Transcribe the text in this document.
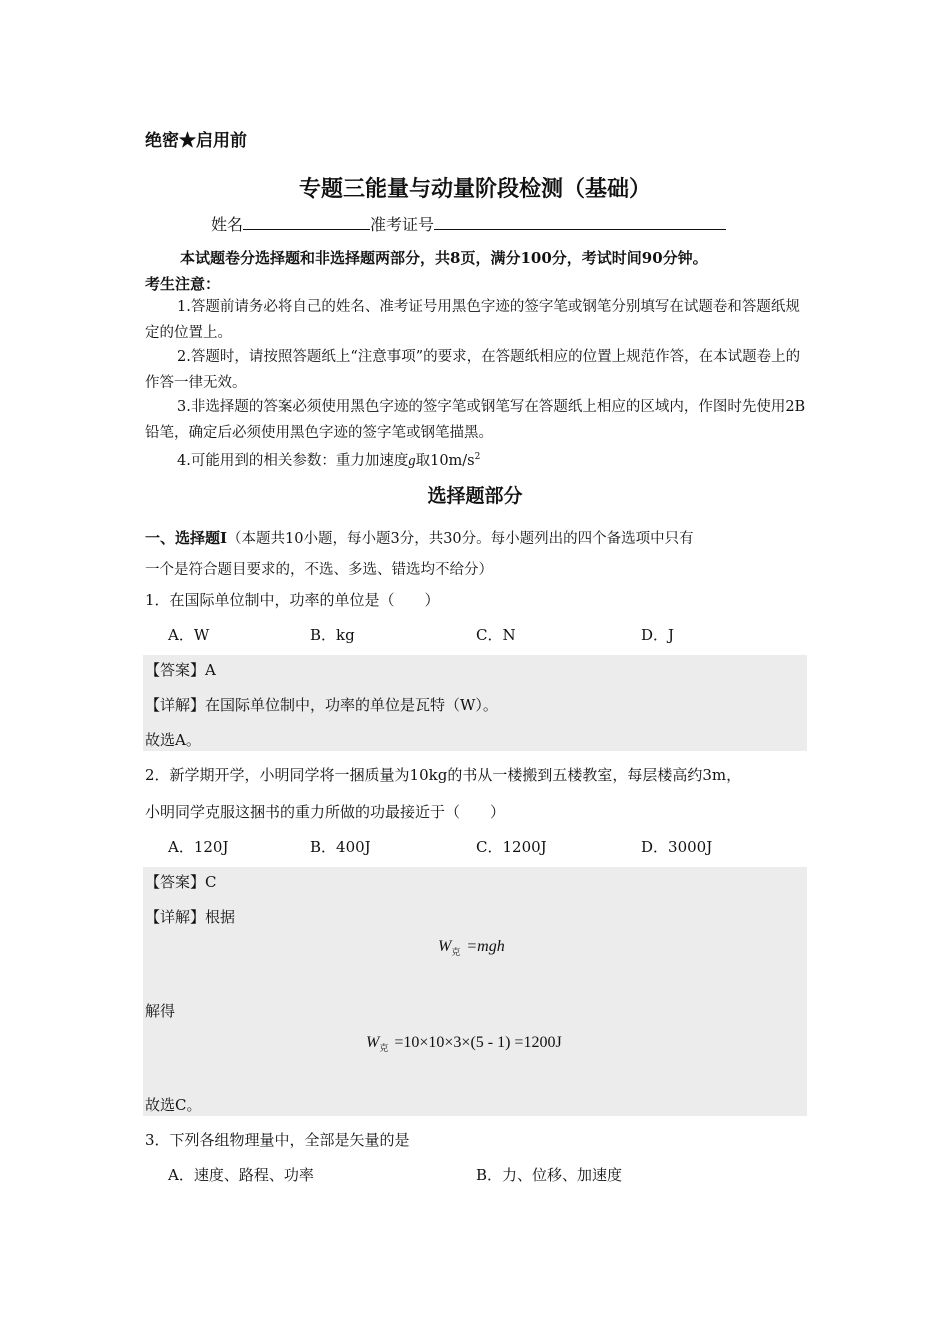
绝密★启用前
专题三能量与动量阶段检测（基础）
姓名	准考证号
本试题卷分选择题和非选择题两部分，共8页，满分100分，考试时间90分钟。
考生注意：
1.答题前请务必将自己的姓名、准考证号用黑色字迹的签字笔或钢笔分别填写在试题卷和答题纸规定的位置上。
2.答题时，请按照答题纸上“注意事项”的要求，在答题纸相应的位置上规范作答，在本试题卷上的作答一律无效。
3.非选择题的答案必须使用黑色字迹的签字笔或钢笔写在答题纸上相应的区域内，作图时先使用2B铅笔，确定后必须使用黑色字迹的签字笔或钢笔描黑。
4.可能用到的相关参数：重力加速度g取$10m/s^2$
选择题部分
一、选择题Ⅰ（本题共10小题，每小题3分，共30分。每小题列出的四个备选项中只有
一个是符合题目要求的，不选、多选、错选均不给分）
1．在国际单位制中，功率的单位是（　　）
A．W	B．kg	C．N	D．J
【答案】A
【详解】在国际单位制中，功率的单位是瓦特（W）。
故选A。
2．新学期开学，小明同学将一捆质量为10kg的书从一楼搬到五楼教室，每层楼高约3m，
小明同学克服这捆书的重力所做的功最接近于（　　）
A．120J	B．400J	C．1200J	D．3000J
【答案】C
【详解】根据
$W_克 =mgh$
解得
$W_克 =10\times 10\times 3\times(5 - 1) =1200J$
故选C。
3．下列各组物理量中，全部是矢量的是
A．速度、路程、功率	B．力、位移、加速度
